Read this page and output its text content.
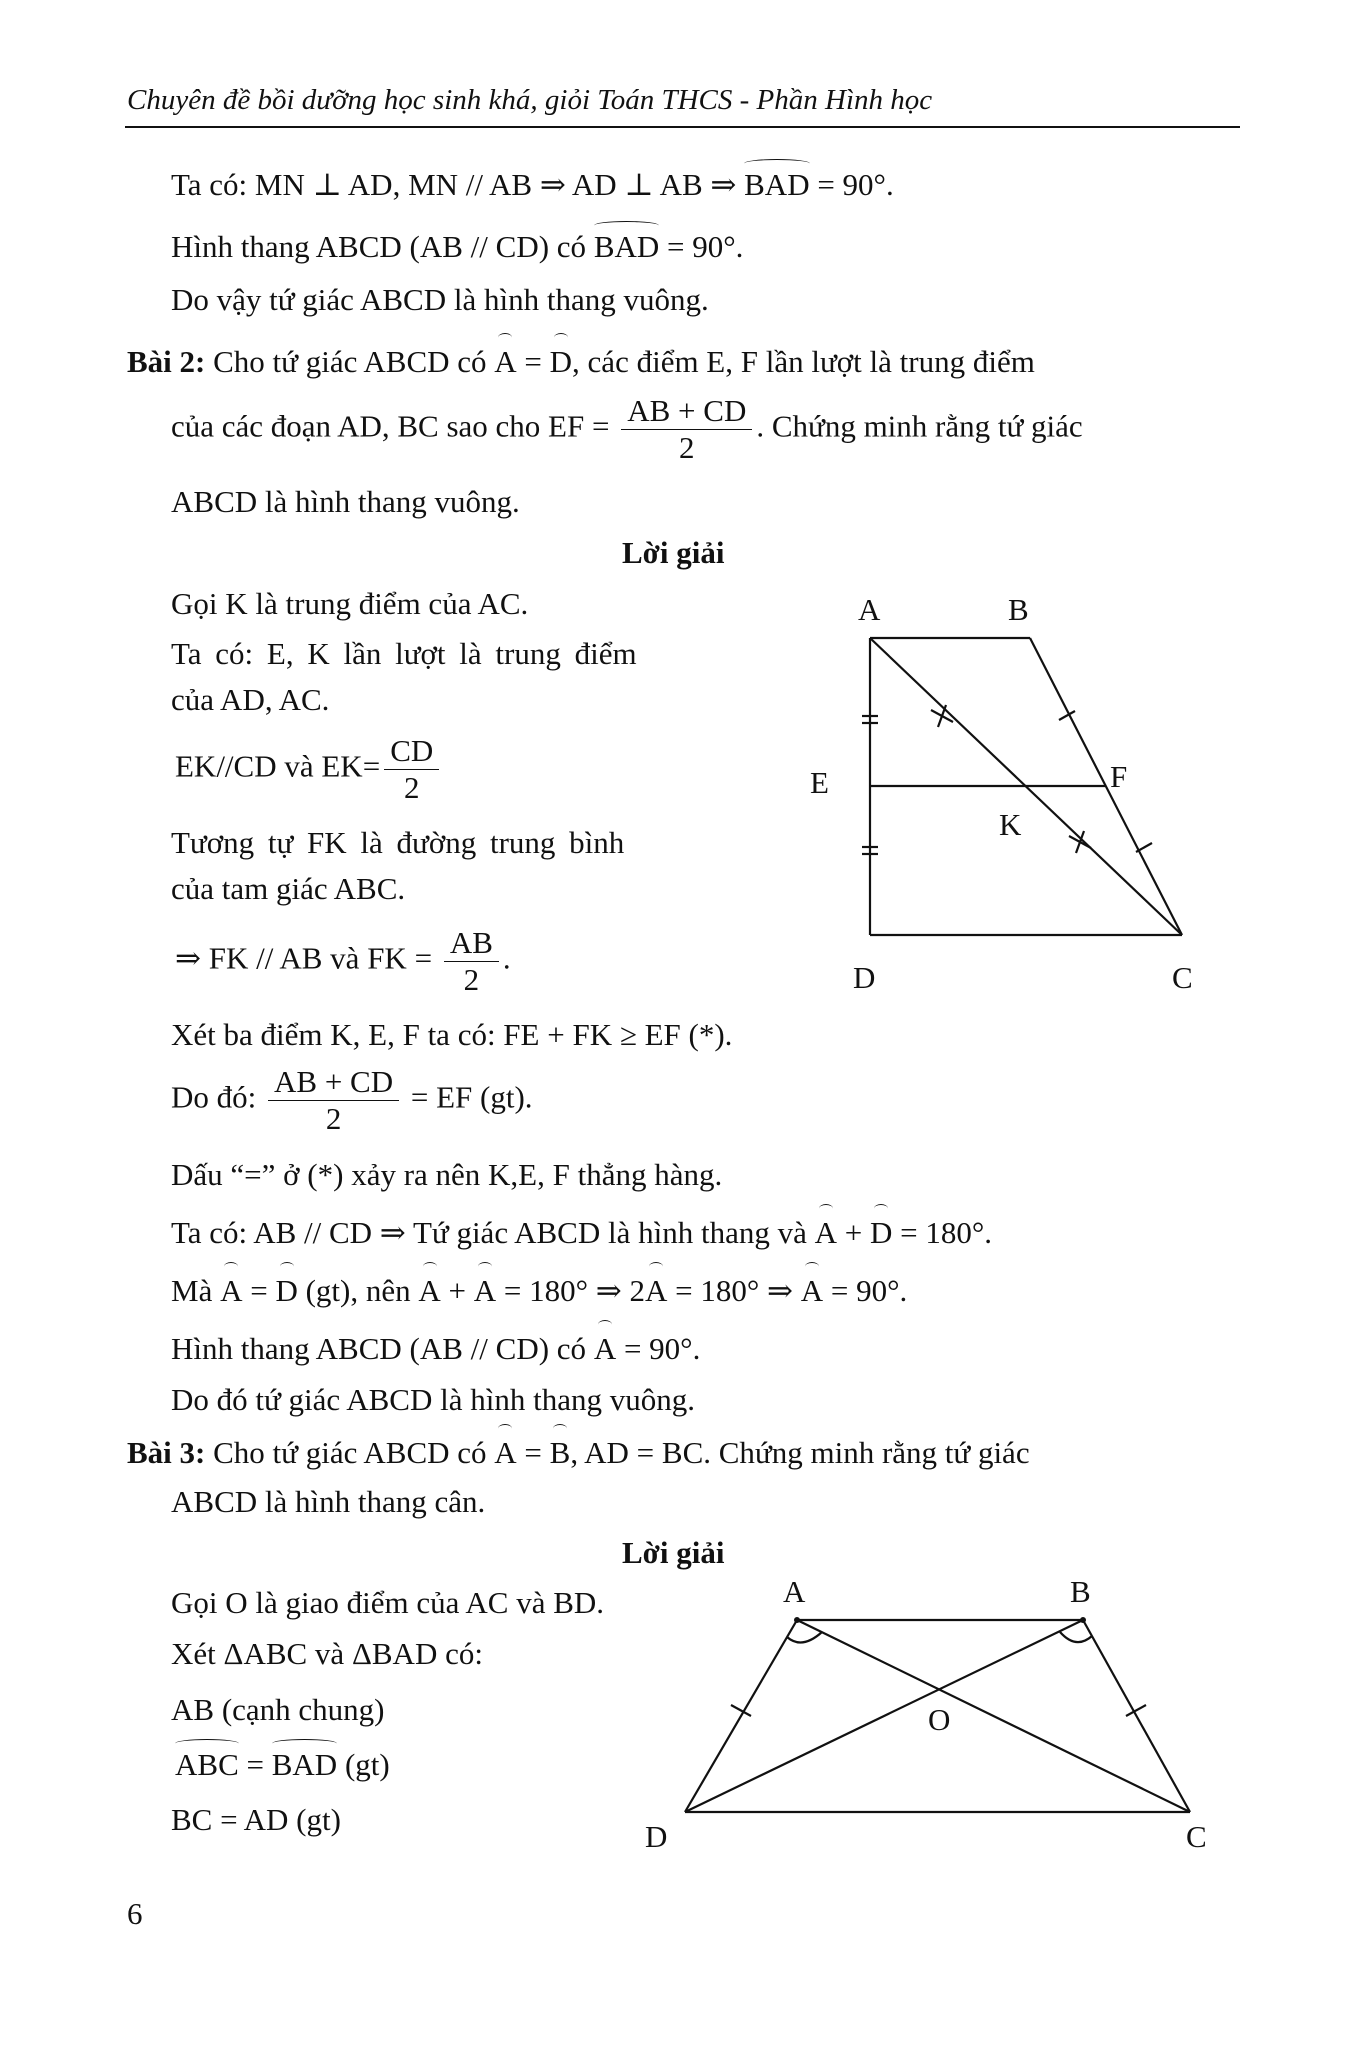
Chuyên đề bồi dưỡng học sinh khá, giỏi Toán THCS - Phần Hình học
Ta có: MN ⊥ AD, MN // AB ⇒ AD ⊥ AB ⇒ BAD = 90°.
Hình thang ABCD (AB // CD) có BAD = 90°.
Do vậy tứ giác ABCD là hình thang vuông.
Bài 2: Cho tứ giác ABCD có A = D, các điểm E, F lần lượt là trung điểm
của các đoạn AD, BC sao cho EF = $\frac{AB + CD}{2}$ . Chứng minh rằng tứ giác
ABCD là hình thang vuông.
Lời giải
Gọi K là trung điểm của AC.
Ta có: E, K lần lượt là trung điểm
của AD, AC.
EK//CD và $EK= \frac{CD}{2}$
Tương tự FK là đường trung bình
của tam giác ABC.
⇒ FK // AB và FK = $\frac{AB}{2}$ .
Xét ba điểm K, E, F ta có: FE + FK ≥ EF (*).
Do đó: $\frac{AB + CD}{2}$ = EF (gt).
Dấu “=” ở (*) xảy ra nên K,E, F thẳng hàng.
Ta có: AB // CD ⇒ Tứ giác ABCD là hình thang và A + D = 180°.
Mà A = D (gt), nên A + A = 180° ⇒ 2A = 180° ⇒ A = 90°.
Hình thang ABCD (AB // CD) có A = 90°.
Do đó tứ giác ABCD là hình thang vuông.
A	B
E	F
K
D	C
Bài 3: Cho tứ giác ABCD có A = B, AD = BC. Chứng minh rằng tứ giác
ABCD là hình thang cân.
Lời giải
Gọi O là giao điểm của AC và BD.
Xét ΔABC và ΔBAD có:
AB (cạnh chung)
ABC = BAD (gt)
BC = AD (gt)
A	B
O
D	C
6
